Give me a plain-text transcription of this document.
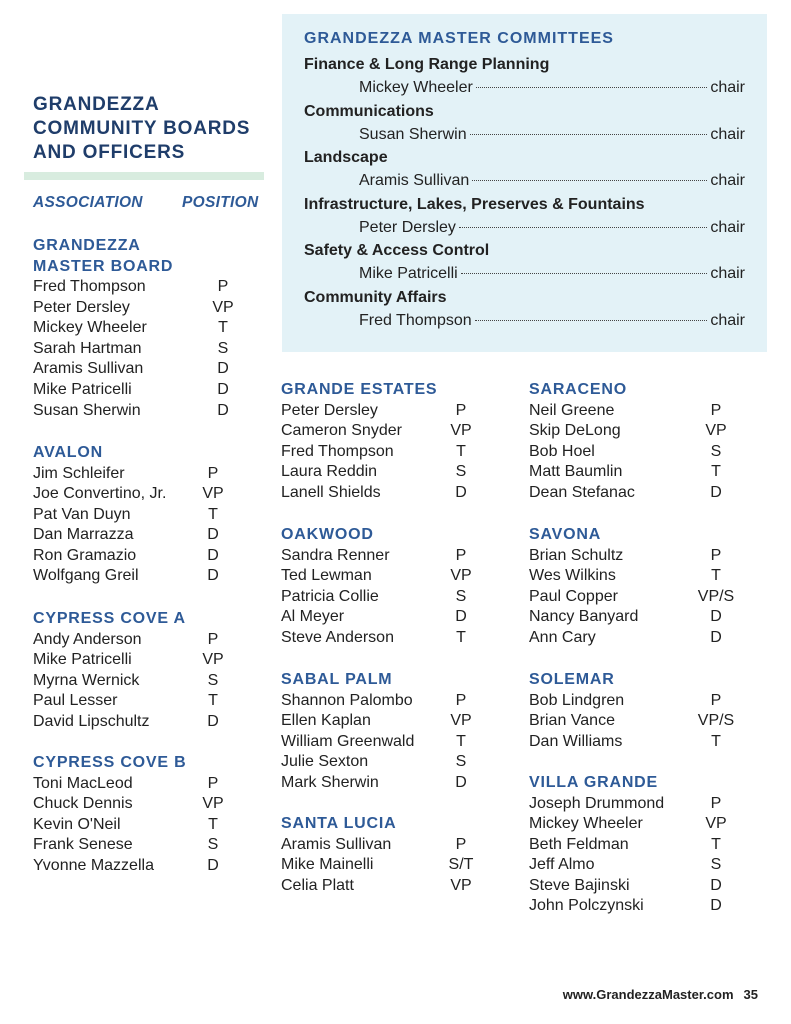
GRANDEZZA
COMMUNITY BOARDS
AND OFFICERS
ASSOCIATION	POSITION
GRANDEZZA MASTER COMMITTEES
Finance & Long Range Planning
Mickey Wheeler	chair
Communications
Susan Sherwin	chair
Landscape
Aramis Sullivan	chair
Infrastructure, Lakes, Preserves & Fountains
Peter Dersley	chair
Safety & Access Control
Mike Patricelli	chair
Community Affairs
Fred Thompson	chair
GRANDEZZA
MASTER BOARD
Fred Thompson	P
Peter Dersley	VP
Mickey Wheeler	T
Sarah Hartman	S
Aramis Sullivan	D
Mike Patricelli	D
Susan Sherwin	D
AVALON
Jim Schleifer	P
Joe Convertino, Jr.	VP
Pat Van Duyn	T
Dan Marrazza	D
Ron Gramazio	D
Wolfgang Greil	D
CYPRESS COVE A
Andy Anderson	P
Mike Patricelli	VP
Myrna Wernick	S
Paul Lesser	T
David Lipschultz	D
CYPRESS COVE B
Toni MacLeod	P
Chuck Dennis	VP
Kevin O'Neil	T
Frank Senese	S
Yvonne Mazzella	D
GRANDE ESTATES
Peter Dersley	P
Cameron Snyder	VP
Fred Thompson	T
Laura Reddin	S
Lanell Shields	D
OAKWOOD
Sandra Renner	P
Ted Lewman	VP
Patricia Collie	S
Al Meyer	D
Steve Anderson	T
SABAL PALM
Shannon Palombo	P
Ellen Kaplan	VP
William Greenwald	T
Julie Sexton	S
Mark Sherwin	D
SANTA LUCIA
Aramis Sullivan	P
Mike Mainelli	S/T
Celia Platt	VP
SARACENO
Neil Greene	P
Skip DeLong	VP
Bob Hoel	S
Matt Baumlin	T
Dean Stefanac	D
SAVONA
Brian Schultz	P
Wes Wilkins	T
Paul Copper	VP/S
Nancy Banyard	D
Ann Cary	D
SOLEMAR
Bob Lindgren	P
Brian Vance	VP/S
Dan Williams	T
VILLA GRANDE
Joseph Drummond	P
Mickey Wheeler	VP
Beth Feldman	T
Jeff Almo	S
Steve Bajinski	D
John Polczynski	D
www.GrandezzaMaster.com 35
